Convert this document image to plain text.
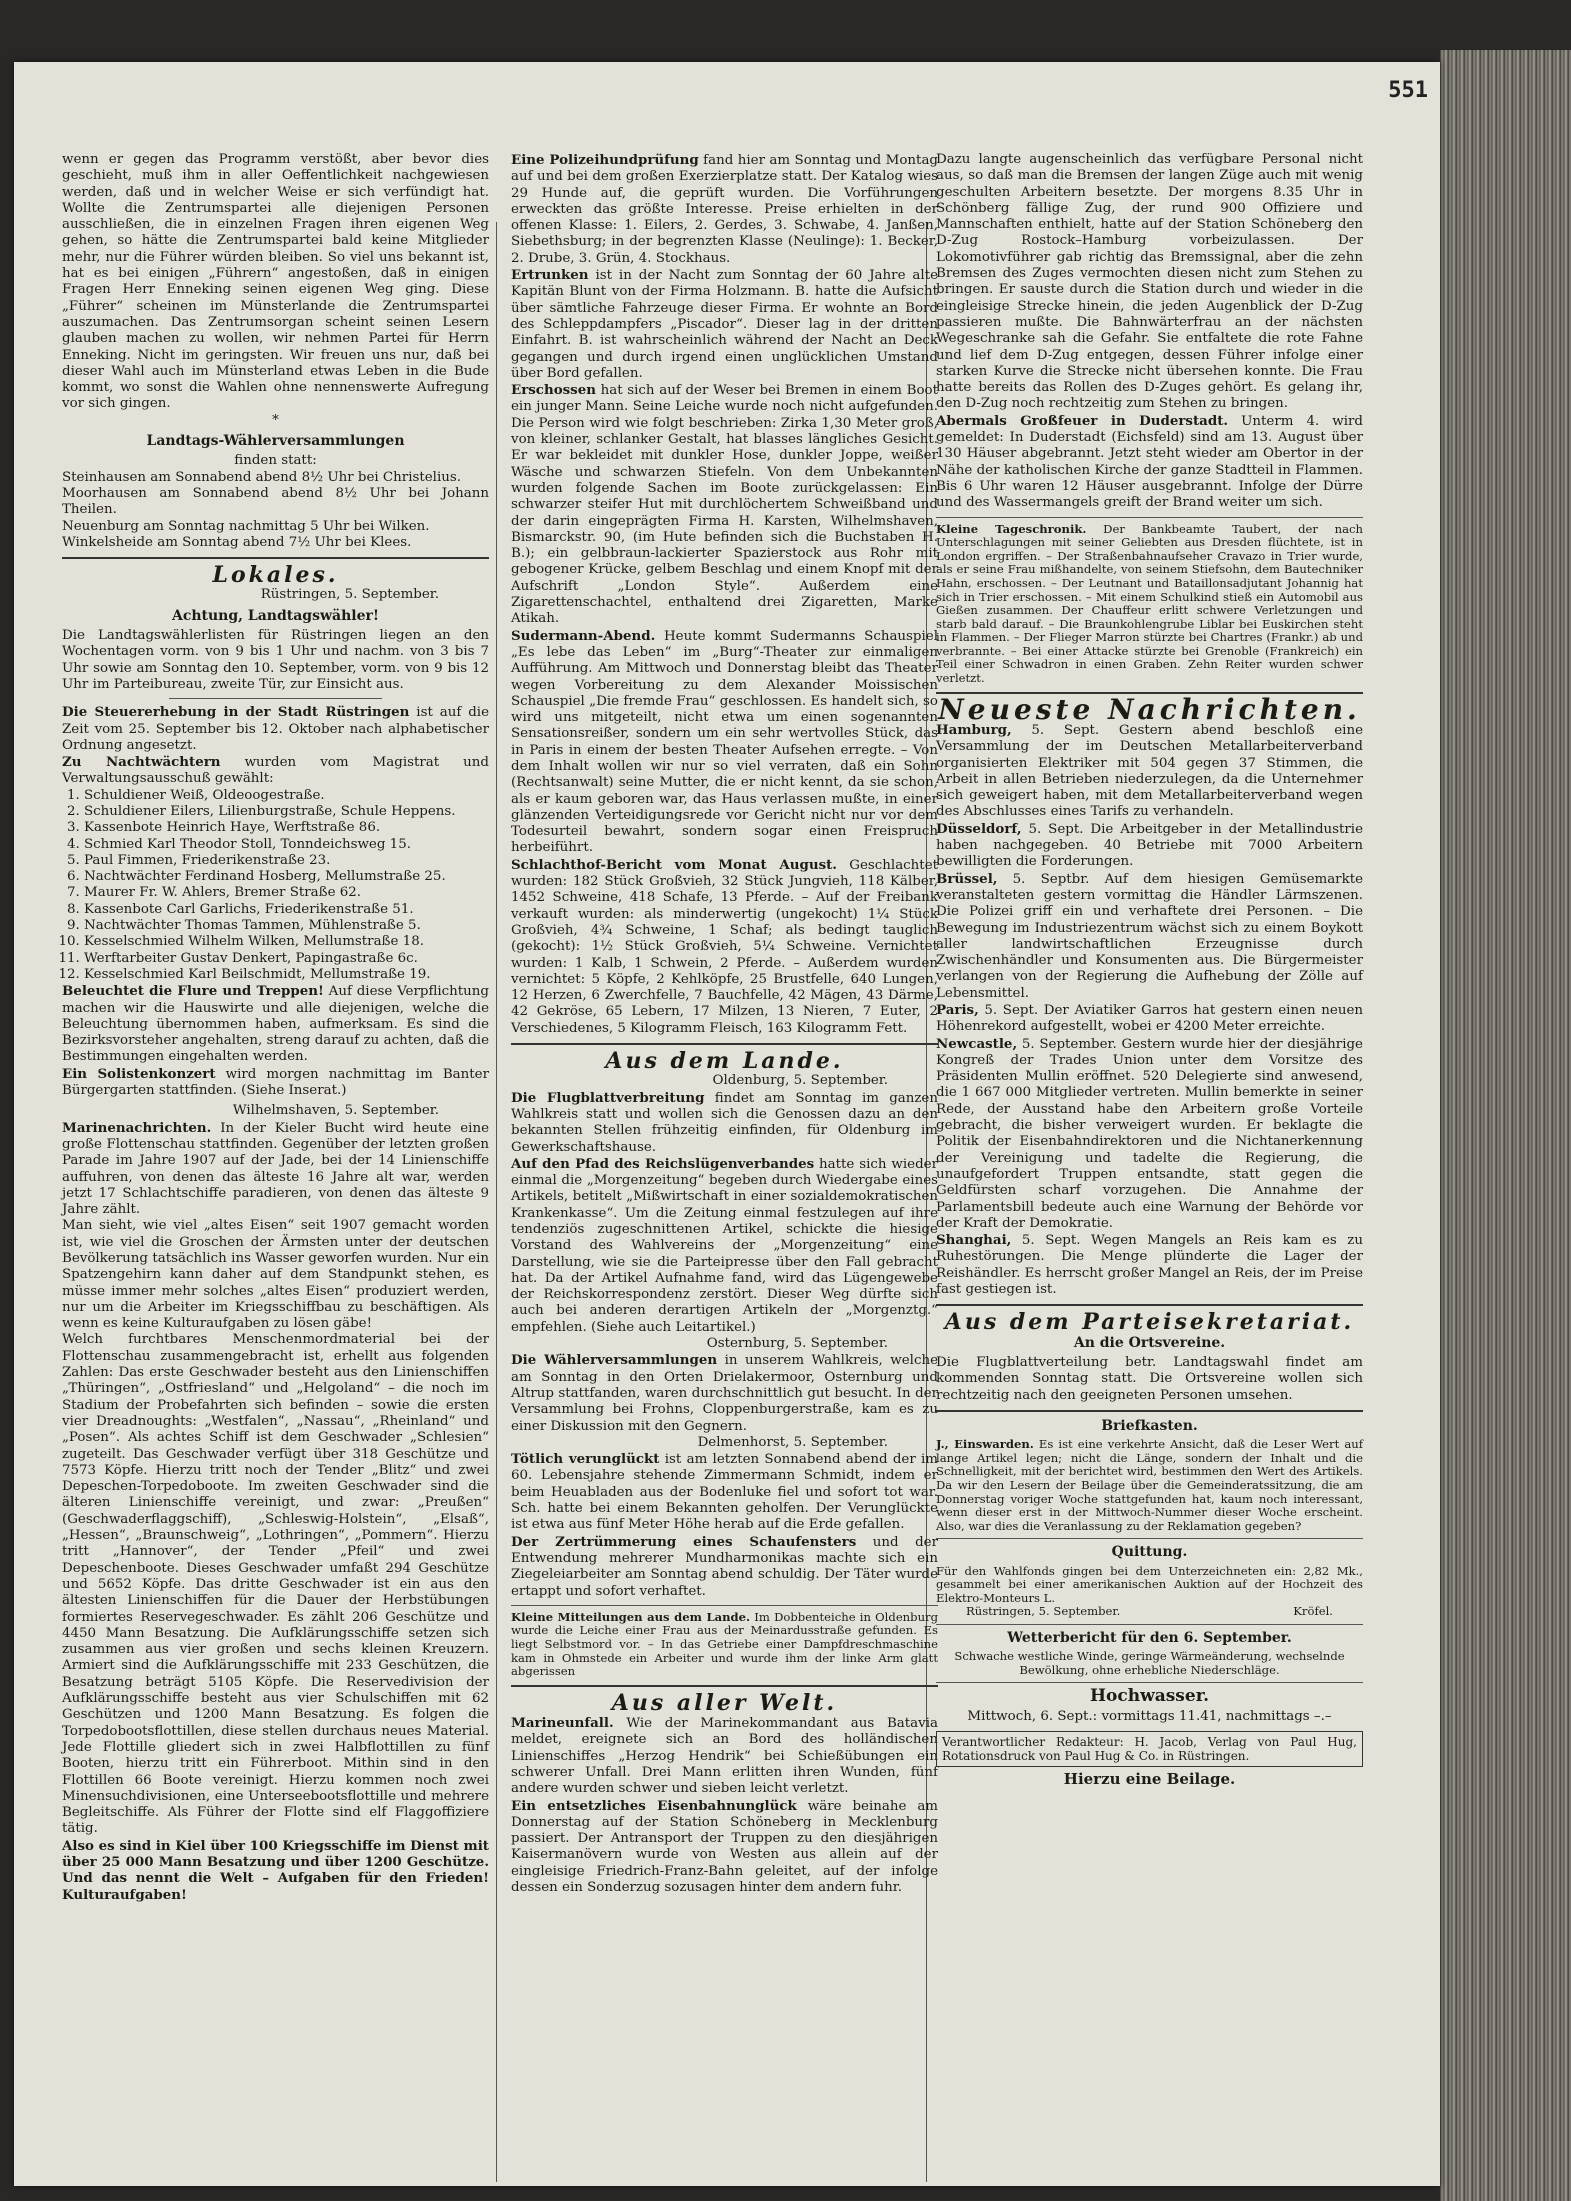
551

wenn er gegen das Programm verstößt, aber bevor dies geschieht, muß ihm in aller Oeffentlichkeit nachgewiesen werden, daß und in welcher Weise er sich verfündigt hat. Wollte die Zentrumspartei alle diejenigen Personen ausschließen, die in einzelnen Fragen ihren eigenen Weg gehen, so hätte die Zentrumspartei bald keine Mitglieder mehr, nur die Führer würden bleiben. So viel uns bekannt ist, hat es bei einigen „Führern“ angestoßen, daß in einigen Fragen Herr Enneking seinen eigenen Weg ging. Diese „Führer“ scheinen im Münsterlande die Zentrumspartei auszumachen. Das Zentrumsorgan scheint seinen Lesern glauben machen zu wollen, wir nehmen Partei für Herrn Enneking. Nicht im geringsten. Wir freuen uns nur, daß bei dieser Wahl auch im Münsterland etwas Leben in die Bude kommt, wo sonst die Wahlen ohne nennenswerte Aufregung vor sich gingen.

*

Landtags-Wählerversammlungen

finden statt:

Steinhausen am Sonnabend abend 8½ Uhr bei Christelius.

Moorhausen am Sonnabend abend 8½ Uhr bei Johann Theilen.

Neuenburg am Sonntag nachmittag 5 Uhr bei Wilken.

Winkelsheide am Sonntag abend 7½ Uhr bei Klees.

Lokales.

Rüstringen, 5. September.

Achtung, Landtagswähler!

Die Landtagswählerlisten für Rüstringen liegen an den Wochentagen vorm. von 9 bis 1 Uhr und nachm. von 3 bis 7 Uhr sowie am Sonntag den 10. September, vorm. von 9 bis 12 Uhr im Parteibureau, zweite Tür, zur Einsicht aus.

Die Steuererhebung in der Stadt Rüstringen ist auf die Zeit vom 25. September bis 12. Oktober nach alphabetischer Ordnung angesetzt.

Zu Nachtwächtern wurden vom Magistrat und Verwaltungsausschuß gewählt:

1. Schuldiener Weiß, Oldeoogestraße.
2. Schuldiener Eilers, Lilienburgstraße, Schule Heppens.
3. Kassenbote Heinrich Haye, Werftstraße 86.
4. Schmied Karl Theodor Stoll, Tonndeichsweg 15.
5. Paul Fimmen, Friederikenstraße 23.
6. Nachtwächter Ferdinand Hosberg, Mellumstraße 25.
7. Maurer Fr. W. Ahlers, Bremer Straße 62.
8. Kassenbote Carl Garlichs, Friederikenstraße 51.
9. Nachtwächter Thomas Tammen, Mühlenstraße 5.
10. Kesselschmied Wilhelm Wilken, Mellumstraße 18.
11. Werftarbeiter Gustav Denkert, Papingastraße 6c.
12. Kesselschmied Karl Beilschmidt, Mellumstraße 19.

Beleuchtet die Flure und Treppen! Auf diese Verpflichtung machen wir die Hauswirte und alle diejenigen, welche die Beleuchtung übernommen haben, aufmerksam. Es sind die Bezirksvorsteher angehalten, streng darauf zu achten, daß die Bestimmungen eingehalten werden.

Ein Solistenkonzert wird morgen nachmittag im Banter Bürgergarten stattfinden. (Siehe Inserat.)

Wilhelmshaven, 5. September.

Marinenachrichten. In der Kieler Bucht wird heute eine große Flottenschau stattfinden. Gegenüber der letzten großen Parade im Jahre 1907 auf der Jade, bei der 14 Linienschiffe auffuhren, von denen das älteste 16 Jahre alt war, werden jetzt 17 Schlachtschiffe paradieren, von denen das älteste 9 Jahre zählt.

Man sieht, wie viel „altes Eisen“ seit 1907 gemacht worden ist, wie viel die Groschen der Ärmsten unter der deutschen Bevölkerung tatsächlich ins Wasser geworfen wurden. Nur ein Spatzengehirn kann daher auf dem Standpunkt stehen, es müsse immer mehr solches „altes Eisen“ produziert werden, nur um die Arbeiter im Kriegsschiffbau zu beschäftigen. Als wenn es keine Kulturaufgaben zu lösen gäbe!

Welch furchtbares Menschenmordmaterial bei der Flottenschau zusammengebracht ist, erhellt aus folgenden Zahlen: Das erste Geschwader besteht aus den Linienschiffen „Thüringen“, „Ostfriesland“ und „Helgoland“ – die noch im Stadium der Probefahrten sich befinden – sowie die ersten vier Dreadnoughts: „Westfalen“, „Nassau“, „Rheinland“ und „Posen“. Als achtes Schiff ist dem Geschwader „Schlesien“ zugeteilt. Das Geschwader verfügt über 318 Geschütze und 7573 Köpfe. Hierzu tritt noch der Tender „Blitz“ und zwei Depeschen-Torpedoboote. Im zweiten Geschwader sind die älteren Linienschiffe vereinigt, und zwar: „Preußen“ (Geschwaderflaggschiff), „Schleswig-Holstein“, „Elsaß“, „Hessen“, „Braunschweig“, „Lothringen“, „Pommern“. Hierzu tritt „Hannover“, der Tender „Pfeil“ und zwei Depeschenboote. Dieses Geschwader umfaßt 294 Geschütze und 5652 Köpfe. Das dritte Geschwader ist ein aus den ältesten Linienschiffen für die Dauer der Herbstübungen formiertes Reservegeschwader. Es zählt 206 Geschütze und 4450 Mann Besatzung. Die Aufklärungsschiffe setzen sich zusammen aus vier großen und sechs kleinen Kreuzern. Armiert sind die Aufklärungsschiffe mit 233 Geschützen, die Besatzung beträgt 5105 Köpfe. Die Reservedivision der Aufklärungsschiffe besteht aus vier Schulschiffen mit 62 Geschützen und 1200 Mann Besatzung. Es folgen die Torpedobootsflottillen, diese stellen durchaus neues Material. Jede Flottille gliedert sich in zwei Halbflottillen zu fünf Booten, hierzu tritt ein Führerboot. Mithin sind in den Flottillen 66 Boote vereinigt. Hierzu kommen noch zwei Minensuchdivisionen, eine Unterseebootsflottille und mehrere Begleitschiffe. Als Führer der Flotte sind elf Flaggoffiziere tätig.

Also es sind in Kiel über 100 Kriegsschiffe im Dienst mit über 25 000 Mann Besatzung und über 1200 Geschütze. Und das nennt die Welt – Aufgaben für den Frieden! Kulturaufgaben!

Eine Polizeihundprüfung fand hier am Sonntag und Montag auf und bei dem großen Exerzierplatze statt. Der Katalog wies 29 Hunde auf, die geprüft wurden. Die Vorführungen erweckten das größte Interesse. Preise erhielten in der offenen Klasse: 1. Eilers, 2. Gerdes, 3. Schwabe, 4. Janßen, Siebethsburg; in der begrenzten Klasse (Neulinge): 1. Becker, 2. Drube, 3. Grün, 4. Stockhaus.

Ertrunken ist in der Nacht zum Sonntag der 60 Jahre alte Kapitän Blunt von der Firma Holzmann. B. hatte die Aufsicht über sämtliche Fahrzeuge dieser Firma. Er wohnte an Bord des Schleppdampfers „Piscador“. Dieser lag in der dritten Einfahrt. B. ist wahrscheinlich während der Nacht an Deck gegangen und durch irgend einen unglücklichen Umstand über Bord gefallen.

Erschossen hat sich auf der Weser bei Bremen in einem Boot ein junger Mann. Seine Leiche wurde noch nicht aufgefunden. Die Person wird wie folgt beschrieben: Zirka 1,30 Meter groß, von kleiner, schlanker Gestalt, hat blasses längliches Gesicht. Er war bekleidet mit dunkler Hose, dunkler Joppe, weißer Wäsche und schwarzen Stiefeln. Von dem Unbekannten wurden folgende Sachen im Boote zurückgelassen: Ein schwarzer steifer Hut mit durchlöchertem Schweißband und der darin eingeprägten Firma H. Karsten, Wilhelmshaven, Bismarckstr. 90, (im Hute befinden sich die Buchstaben H. B.); ein gelbbraun-lackierter Spazierstock aus Rohr mit gebogener Krücke, gelbem Beschlag und einem Knopf mit der Aufschrift „London Style“. Außerdem eine Zigarettenschachtel, enthaltend drei Zigaretten, Marke Atikah.

Sudermann-Abend. Heute kommt Sudermanns Schauspiel „Es lebe das Leben“ im „Burg“-Theater zur einmaligen Aufführung. Am Mittwoch und Donnerstag bleibt das Theater wegen Vorbereitung zu dem Alexander Moissischen Schauspiel „Die fremde Frau“ geschlossen. Es handelt sich, so wird uns mitgeteilt, nicht etwa um einen sogenannten Sensationsreißer, sondern um ein sehr wertvolles Stück, das in Paris in einem der besten Theater Aufsehen erregte. – Von dem Inhalt wollen wir nur so viel verraten, daß ein Sohn (Rechtsanwalt) seine Mutter, die er nicht kennt, da sie schon, als er kaum geboren war, das Haus verlassen mußte, in einer glänzenden Verteidigungsrede vor Gericht nicht nur vor dem Todesurteil bewahrt, sondern sogar einen Freispruch herbeiführt.

Schlachthof-Bericht vom Monat August. Geschlachtet wurden: 182 Stück Großvieh, 32 Stück Jungvieh, 118 Kälber, 1452 Schweine, 418 Schafe, 13 Pferde. – Auf der Freibank verkauft wurden: als minderwertig (ungekocht) 1¼ Stück Großvieh, 4¾ Schweine, 1 Schaf; als bedingt tauglich (gekocht): 1½ Stück Großvieh, 5¼ Schweine. Vernichtet wurden: 1 Kalb, 1 Schwein, 2 Pferde. – Außerdem wurden vernichtet: 5 Köpfe, 2 Kehlköpfe, 25 Brustfelle, 640 Lungen, 12 Herzen, 6 Zwerchfelle, 7 Bauchfelle, 42 Mägen, 43 Därme, 42 Gekröse, 65 Lebern, 17 Milzen, 13 Nieren, 7 Euter, 2 Verschiedenes, 5 Kilogramm Fleisch, 163 Kilogramm Fett.

Aus dem Lande.

Oldenburg, 5. September.

Die Flugblattverbreitung findet am Sonntag im ganzen Wahlkreis statt und wollen sich die Genossen dazu an den bekannten Stellen frühzeitig einfinden, für Oldenburg im Gewerkschaftshause.

Auf den Pfad des Reichslügenverbandes hatte sich wieder einmal die „Morgenzeitung“ begeben durch Wiedergabe eines Artikels, betitelt „Mißwirtschaft in einer sozialdemokratischen Krankenkasse“. Um die Zeitung einmal festzulegen auf ihre tendenziös zugeschnittenen Artikel, schickte die hiesige Vorstand des Wahlvereins der „Morgenzeitung“ eine Darstellung, wie sie die Parteipresse über den Fall gebracht hat. Da der Artikel Aufnahme fand, wird das Lügengewebe der Reichskorrespondenz zerstört. Dieser Weg dürfte sich auch bei anderen derartigen Artikeln der „Morgenztg.“ empfehlen. (Siehe auch Leitartikel.)

Osternburg, 5. September.

Die Wählerversammlungen in unserem Wahlkreis, welche am Sonntag in den Orten Drielakermoor, Osternburg und Altrup stattfanden, waren durchschnittlich gut besucht. In der Versammlung bei Frohns, Cloppenburgerstraße, kam es zu einer Diskussion mit den Gegnern.

Delmenhorst, 5. September.

Tötlich verunglückt ist am letzten Sonnabend abend der im 60. Lebensjahre stehende Zimmermann Schmidt, indem er beim Heuabladen aus der Bodenluke fiel und sofort tot war. Sch. hatte bei einem Bekannten geholfen. Der Verunglückte ist etwa aus fünf Meter Höhe herab auf die Erde gefallen.

Der Zertrümmerung eines Schaufensters und der Entwendung mehrerer Mundharmonikas machte sich ein Ziegeleiarbeiter am Sonntag abend schuldig. Der Täter wurde ertappt und sofort verhaftet.

Kleine Mitteilungen aus dem Lande. Im Dobbenteiche in Oldenburg wurde die Leiche einer Frau aus der Meinardusstraße gefunden. Es liegt Selbstmord vor. – In das Getriebe einer Dampfdreschmaschine kam in Ohmstede ein Arbeiter und wurde ihm der linke Arm glatt abgerissen

Aus aller Welt.

Marineunfall. Wie der Marinekommandant aus Batavia meldet, ereignete sich an Bord des holländischen Linienschiffes „Herzog Hendrik“ bei Schießübungen ein schwerer Unfall. Drei Mann erlitten ihren Wunden, fünf andere wurden schwer und sieben leicht verletzt.

Ein entsetzliches Eisenbahnunglück wäre beinahe am Donnerstag auf der Station Schöneberg in Mecklenburg passiert. Der Antransport der Truppen zu den diesjährigen Kaisermanövern wurde von Westen aus allein auf der eingleisige Friedrich-Franz-Bahn geleitet, auf der infolge dessen ein Sonderzug sozusagen hinter dem andern fuhr.

Dazu langte augenscheinlich das verfügbare Personal nicht aus, so daß man die Bremsen der langen Züge auch mit wenig geschulten Arbeitern besetzte. Der morgens 8.35 Uhr in Schönberg fällige Zug, der rund 900 Offiziere und Mannschaften enthielt, hatte auf der Station Schöneberg den D-Zug Rostock–Hamburg vorbeizulassen. Der Lokomotivführer gab richtig das Bremssignal, aber die zehn Bremsen des Zuges vermochten diesen nicht zum Stehen zu bringen. Er sauste durch die Station durch und wieder in die eingleisige Strecke hinein, die jeden Augenblick der D-Zug passieren mußte. Die Bahnwärterfrau an der nächsten Wegeschranke sah die Gefahr. Sie entfaltete die rote Fahne und lief dem D-Zug entgegen, dessen Führer infolge einer starken Kurve die Strecke nicht übersehen konnte. Die Frau hatte bereits das Rollen des D-Zuges gehört. Es gelang ihr, den D-Zug noch rechtzeitig zum Stehen zu bringen.

Abermals Großfeuer in Duderstadt. Unterm 4. wird gemeldet: In Duderstadt (Eichsfeld) sind am 13. August über 130 Häuser abgebrannt. Jetzt steht wieder am Obertor in der Nähe der katholischen Kirche der ganze Stadtteil in Flammen. Bis 6 Uhr waren 12 Häuser ausgebrannt. Infolge der Dürre und des Wassermangels greift der Brand weiter um sich.

Kleine Tageschronik. Der Bankbeamte Taubert, der nach Unterschlagungen mit seiner Geliebten aus Dresden flüchtete, ist in London ergriffen. – Der Straßenbahnaufseher Cravazo in Trier wurde, als er seine Frau mißhandelte, von seinem Stiefsohn, dem Bautechniker Hahn, erschossen. – Der Leutnant und Bataillonsadjutant Johannig hat sich in Trier erschossen. – Mit einem Schulkind stieß ein Automobil aus Gießen zusammen. Der Chauffeur erlitt schwere Verletzungen und starb bald darauf. – Die Braunkohlengrube Liblar bei Euskirchen steht in Flammen. – Der Flieger Marron stürzte bei Chartres (Frankr.) ab und verbrannte. – Bei einer Attacke stürzte bei Grenoble (Frankreich) ein Teil einer Schwadron in einen Graben. Zehn Reiter wurden schwer verletzt.

Neueste Nachrichten.

Hamburg, 5. Sept. Gestern abend beschloß eine Versammlung der im Deutschen Metallarbeiterverband organisierten Elektriker mit 504 gegen 37 Stimmen, die Arbeit in allen Betrieben niederzulegen, da die Unternehmer sich geweigert haben, mit dem Metallarbeiterverband wegen des Abschlusses eines Tarifs zu verhandeln.

Düsseldorf, 5. Sept. Die Arbeitgeber in der Metallindustrie haben nachgegeben. 40 Betriebe mit 7000 Arbeitern bewilligten die Forderungen.

Brüssel, 5. Septbr. Auf dem hiesigen Gemüsemarkte veranstalteten gestern vormittag die Händler Lärmszenen. Die Polizei griff ein und verhaftete drei Personen. – Die Bewegung im Industriezentrum wächst sich zu einem Boykott aller landwirtschaftlichen Erzeugnisse durch Zwischenhändler und Konsumenten aus. Die Bürgermeister verlangen von der Regierung die Aufhebung der Zölle auf Lebensmittel.

Paris, 5. Sept. Der Aviatiker Garros hat gestern einen neuen Höhenrekord aufgestellt, wobei er 4200 Meter erreichte.

Newcastle, 5. September. Gestern wurde hier der diesjährige Kongreß der Trades Union unter dem Vorsitze des Präsidenten Mullin eröffnet. 520 Delegierte sind anwesend, die 1 667 000 Mitglieder vertreten. Mullin bemerkte in seiner Rede, der Ausstand habe den Arbeitern große Vorteile gebracht, die bisher verweigert wurden. Er beklagte die Politik der Eisenbahndirektoren und die Nichtanerkennung der Vereinigung und tadelte die Regierung, die unaufgefordert Truppen entsandte, statt gegen die Geldfürsten scharf vorzugehen. Die Annahme der Parlamentsbill bedeute auch eine Warnung der Behörde vor der Kraft der Demokratie.

Shanghai, 5. Sept. Wegen Mangels an Reis kam es zu Ruhestörungen. Die Menge plünderte die Lager der Reishändler. Es herrscht großer Mangel an Reis, der im Preise fast gestiegen ist.

Aus dem Parteisekretariat.

An die Ortsvereine.

Die Flugblattverteilung betr. Landtagswahl findet am kommenden Sonntag statt. Die Ortsvereine wollen sich rechtzeitig nach den geeigneten Personen umsehen.

Briefkasten.

J., Einswarden. Es ist eine verkehrte Ansicht, daß die Leser Wert auf lange Artikel legen; nicht die Länge, sondern der Inhalt und die Schnelligkeit, mit der berichtet wird, bestimmen den Wert des Artikels. Da wir den Lesern der Beilage über die Gemeinderatssitzung, die am Donnerstag voriger Woche stattgefunden hat, kaum noch interessant, wenn dieser erst in der Mittwoch-Nummer dieser Woche erscheint. Also, war dies die Veranlassung zu der Reklamation gegeben?

Quittung.

Für den Wahlfonds gingen bei dem Unterzeichneten ein: 2,82 Mk., gesammelt bei einer amerikanischen Auktion auf der Hochzeit des Elektro-Monteurs L.

Rüstringen, 5. September.	Kröfel.

Wetterbericht für den 6. September.

Schwache westliche Winde, geringe Wärmeänderung, wechselnde Bewölkung, ohne erhebliche Niederschläge.

Hochwasser.

Mittwoch, 6. Sept.: vormittags 11.41, nachmittags –.–

Verantwortlicher Redakteur: H. Jacob, Verlag von Paul Hug, Rotationsdruck von Paul Hug & Co. in Rüstringen.

Hierzu eine Beilage.
